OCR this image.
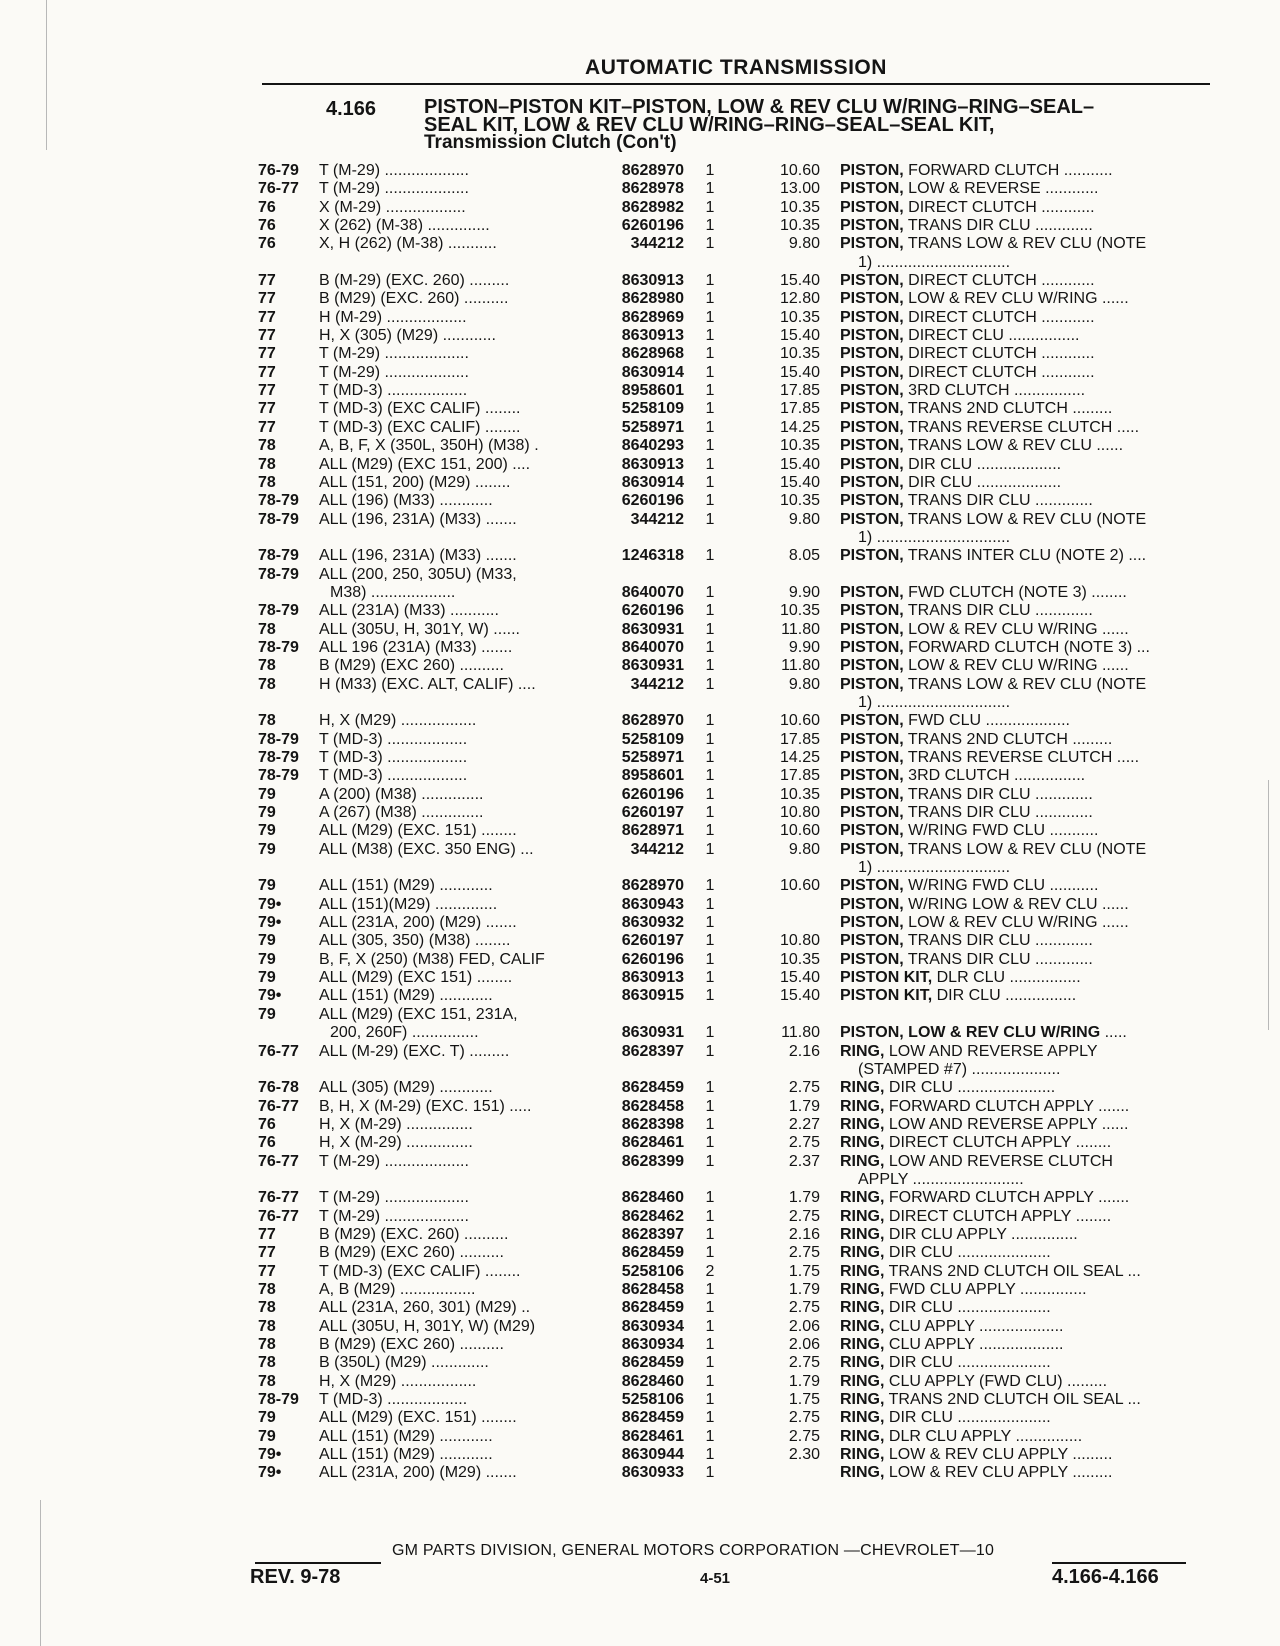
AUTOMATIC TRANSMISSION
4.166 PISTON–PISTON KIT–PISTON, LOW & REV CLU W/RING–RING–SEAL–
SEAL KIT, LOW & REV CLU W/RING–RING–SEAL–SEAL KIT,
Transmission Clutch (Con't)
76-79	T (M-29) ...................	8628970	1	10.60 PISTON, FORWARD CLUTCH ...........
76-77	T (M-29) ...................	8628978	1	13.00 PISTON, LOW & REVERSE ............
76	X (M-29) ..................	8628982	1	10.35 PISTON, DIRECT CLUTCH ............
76	X (262) (M-38) ..............	6260196	1	10.35 PISTON, TRANS DIR CLU .............
76	X, H (262) (M-38) ...........	344212	1	9.80 PISTON, TRANS LOW & REV CLU (NOTE
1) ..............................
77	B (M-29) (EXC. 260) .........	8630913	1	15.40 PISTON, DIRECT CLUTCH ............
77	B (M29) (EXC. 260) ..........	8628980	1	12.80 PISTON, LOW & REV CLU W/RING ......
77	H (M-29) ..................	8628969	1	10.35 PISTON, DIRECT CLUTCH ............
77	H, X (305) (M29) ............	8630913	1	15.40 PISTON, DIRECT CLU ................
77	T (M-29) ...................	8628968	1	10.35 PISTON, DIRECT CLUTCH ............
77	T (M-29) ...................	8630914	1	15.40 PISTON, DIRECT CLUTCH ............
77	T (MD-3) ..................	8958601	1	17.85 PISTON, 3RD CLUTCH ................
77	T (MD-3) (EXC CALIF) ........	5258109	1	17.85 PISTON, TRANS 2ND CLUTCH .........
77	T (MD-3) (EXC CALIF) ........	5258971	1	14.25 PISTON, TRANS REVERSE CLUTCH .....
78	A, B, F, X (350L, 350H) (M38) .	8640293	1	10.35 PISTON, TRANS LOW & REV CLU ......
78	ALL (M29) (EXC 151, 200) ....	8630913	1	15.40 PISTON, DIR CLU ...................
78	ALL (151, 200) (M29) ........	8630914	1	15.40 PISTON, DIR CLU ...................
78-79	ALL (196) (M33) ............	6260196	1	10.35 PISTON, TRANS DIR CLU .............
78-79	ALL (196, 231A) (M33) .......	344212	1	9.80 PISTON, TRANS LOW & REV CLU (NOTE
1) ..............................
78-79	ALL (196, 231A) (M33) .......	1246318	1	8.05 PISTON, TRANS INTER CLU (NOTE 2) ....
78-79	ALL (200, 250, 305U) (M33,
M38) ...................	8640070	1	9.90 PISTON, FWD CLUTCH (NOTE 3) ........
78-79	ALL (231A) (M33) ...........	6260196	1	10.35 PISTON, TRANS DIR CLU .............
78	ALL (305U, H, 301Y, W) ......	8630931	1	11.80 PISTON, LOW & REV CLU W/RING ......
78-79	ALL 196 (231A) (M33) .......	8640070	1	9.90 PISTON, FORWARD CLUTCH (NOTE 3) ...
78	B (M29) (EXC 260) ..........	8630931	1	11.80 PISTON, LOW & REV CLU W/RING ......
78	H (M33) (EXC. ALT, CALIF) ....	344212	1	9.80 PISTON, TRANS LOW & REV CLU (NOTE
1) ..............................
78	H, X (M29) .................	8628970	1	10.60 PISTON, FWD CLU ...................
78-79	T (MD-3) ..................	5258109	1	17.85 PISTON, TRANS 2ND CLUTCH .........
78-79	T (MD-3) ..................	5258971	1	14.25 PISTON, TRANS REVERSE CLUTCH .....
78-79	T (MD-3) ..................	8958601	1	17.85 PISTON, 3RD CLUTCH ................
79	A (200) (M38) ..............	6260196	1	10.35 PISTON, TRANS DIR CLU .............
79	A (267) (M38) ..............	6260197	1	10.80 PISTON, TRANS DIR CLU .............
79	ALL (M29) (EXC. 151) ........	8628971	1	10.60 PISTON, W/RING FWD CLU ...........
79	ALL (M38) (EXC. 350 ENG) ...	344212	1	9.80 PISTON, TRANS LOW & REV CLU (NOTE
1) ..............................
79	ALL (151) (M29) ............	8628970	1	10.60 PISTON, W/RING FWD CLU ...........
79•	ALL (151)(M29) ..............	8630943	1	PISTON, W/RING LOW & REV CLU ......
79•	ALL (231A, 200) (M29) .......	8630932	1	PISTON, LOW & REV CLU W/RING ......
79	ALL (305, 350) (M38) ........	6260197	1	10.80 PISTON, TRANS DIR CLU .............
79	B, F, X (250) (M38) FED, CALIF	6260196	1	10.35 PISTON, TRANS DIR CLU .............
79	ALL (M29) (EXC 151) ........	8630913	1	15.40 PISTON KIT, DLR CLU ................
79•	ALL (151) (M29) ............	8630915	1	15.40 PISTON KIT, DIR CLU ................
79	ALL (M29) (EXC 151, 231A,
200, 260F) ...............	8630931	1	11.80 PISTON, LOW & REV CLU W/RING .....
76-77	ALL (M-29) (EXC. T) .........	8628397	1	2.16 RING, LOW AND REVERSE APPLY
(STAMPED #7) ....................
76-78	ALL (305) (M29) ............	8628459	1	2.75 RING, DIR CLU ......................
76-77	B, H, X (M-29) (EXC. 151) .....	8628458	1	1.79 RING, FORWARD CLUTCH APPLY .......
76	H, X (M-29) ...............	8628398	1	2.27 RING, LOW AND REVERSE APPLY ......
76	H, X (M-29) ...............	8628461	1	2.75 RING, DIRECT CLUTCH APPLY ........
76-77	T (M-29) ...................	8628399	1	2.37 RING, LOW AND REVERSE CLUTCH
APPLY .........................
76-77	T (M-29) ...................	8628460	1	1.79 RING, FORWARD CLUTCH APPLY .......
76-77	T (M-29) ...................	8628462	1	2.75 RING, DIRECT CLUTCH APPLY ........
77	B (M29) (EXC. 260) ..........	8628397	1	2.16 RING, DIR CLU APPLY ...............
77	B (M29) (EXC 260) ..........	8628459	1	2.75 RING, DIR CLU .....................
77	T (MD-3) (EXC CALIF) ........	5258106	2	1.75 RING, TRANS 2ND CLUTCH OIL SEAL ...
78	A, B (M29) .................	8628458	1	1.79 RING, FWD CLU APPLY ...............
78	ALL (231A, 260, 301) (M29) ..	8628459	1	2.75 RING, DIR CLU .....................
78	ALL (305U, H, 301Y, W) (M29)	8630934	1	2.06 RING, CLU APPLY ...................
78	B (M29) (EXC 260) ..........	8630934	1	2.06 RING, CLU APPLY ...................
78	B (350L) (M29) .............	8628459	1	2.75 RING, DIR CLU .....................
78	H, X (M29) .................	8628460	1	1.79 RING, CLU APPLY (FWD CLU) .........
78-79	T (MD-3) ..................	5258106	1	1.75 RING, TRANS 2ND CLUTCH OIL SEAL ...
79	ALL (M29) (EXC. 151) ........	8628459	1	2.75 RING, DIR CLU .....................
79	ALL (151) (M29) ............	8628461	1	2.75 RING, DLR CLU APPLY ...............
79•	ALL (151) (M29) ............	8630944	1	2.30 RING, LOW & REV CLU APPLY .........
79•	ALL (231A, 200) (M29) .......	8630933	1	RING, LOW & REV CLU APPLY .........
GM PARTS DIVISION, GENERAL MOTORS CORPORATION —CHEVROLET—10
REV. 9-78	4-51	4.166-4.166
